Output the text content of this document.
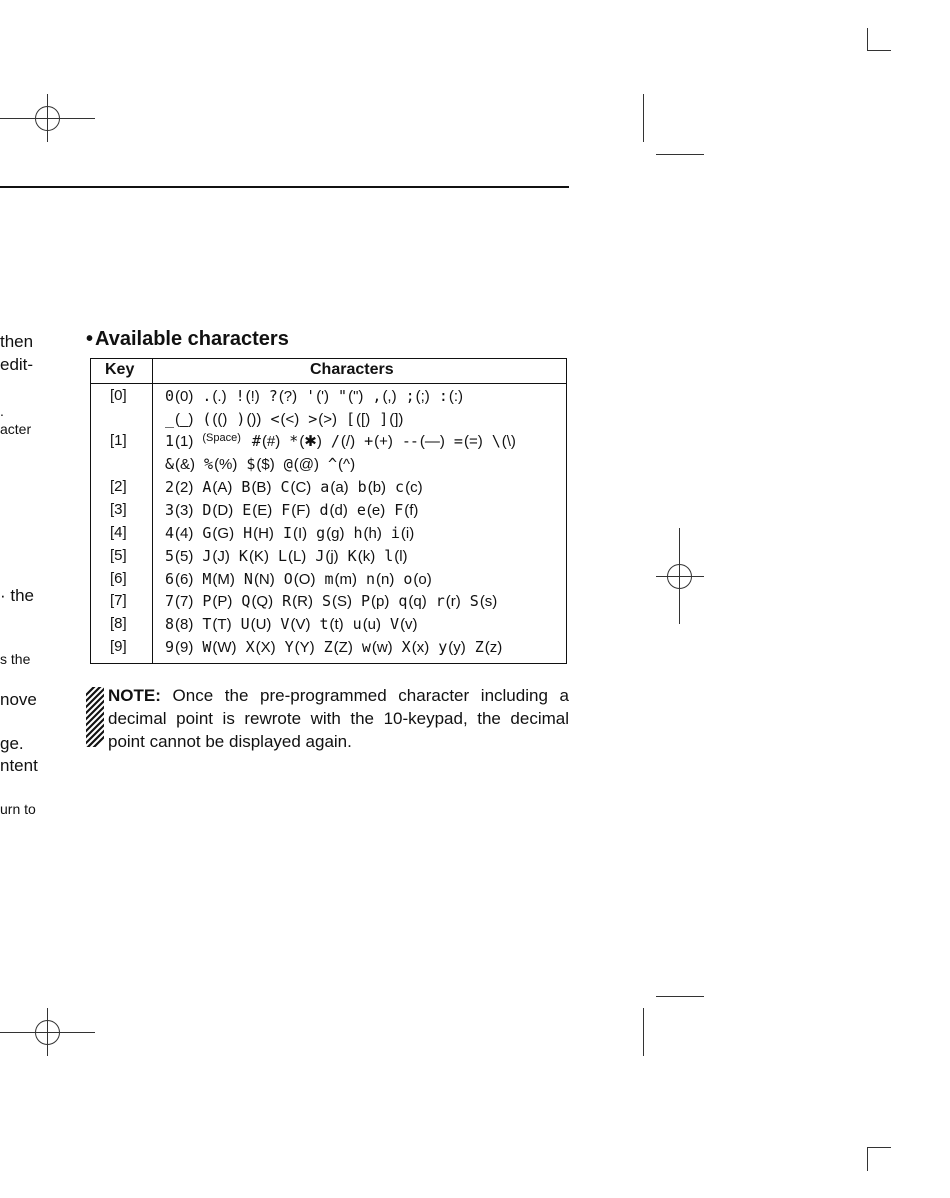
then
edit-
.
acter
· the
s the
nove
ge.
ntent
urn to
• Available characters
Key	Characters
[0]
[1]
[2]
[3]
[4]
[5]
[6]
[7]
[8]
[9]
0 (0) . (.) ! (!) ? (?) ' (') " (") , (,) ; (;) : (:)
_ (_) ( (() ) ()) < (<) > (>) [ ([) ] (])
1 (1) (Space) # (#) * (✱) / (/) + (+) -- (—) = (=) \ (\)
& (&) % (%) $ ($) @ (@) ^ (^)
2 (2) A (A) B (B) C (C) a (a) b (b) c (c)
3 (3) D (D) E (E) F (F) d (d) e (e) F (f)
4 (4) G (G) H (H) I (I) g (g) h (h) i (i)
5 (5) J (J) K (K) L (L) J (j) K (k) l (l)
6 (6) M (M) N (N) O (O) m (m) n (n) o (o)
7 (7) P (P) Q (Q) R (R) S (S) P (p) q (q) r (r) S (s)
8 (8) T (T) U (U) V (V) t (t) u (u) V (v)
9 (9) W (W) X (X) Y (Y) Z (Z) w (w) X (x) y (y) Z (z)
NOTE: Once the pre-programmed character including a decimal point is rewrote with the 10-keypad, the decimal point cannot be displayed again.
